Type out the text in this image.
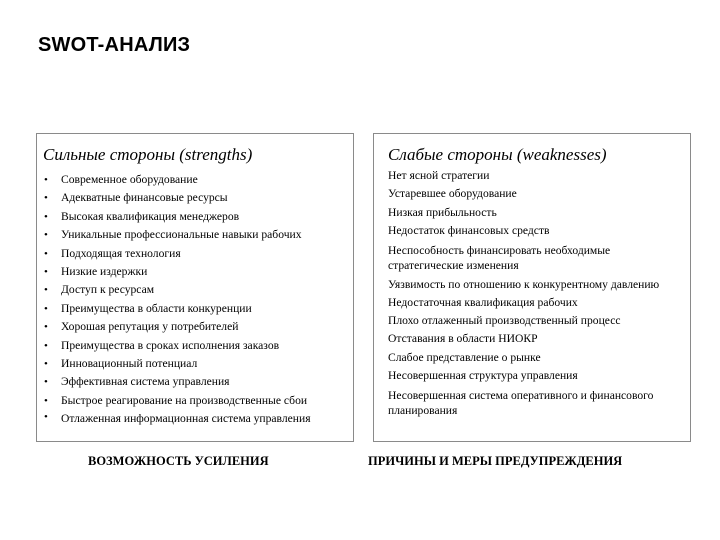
SWOT-АНАЛИЗ
Сильные стороны (strengths)
• Современное оборудование
• Адекватные финансовые ресурсы
• Высокая квалификация менеджеров
• Уникальные профессиональные навыки рабочих
• Подходящая технология
• Низкие издержки
• Доступ к ресурсам
• Преимущества в области конкуренции
• Хорошая репутация у потребителей
• Преимущества в сроках исполнения заказов
• Инновационный потенциал
• Эффективная система управления
• Быстрое реагирование на производственные сбои
• Отлаженная информационная система управления
Слабые стороны (weaknesses)
Нет ясной стратегии
Устаревшее оборудование
Низкая прибыльность
Недостаток финансовых средств
Неспособность финансировать необходимые стратегические изменения
Уязвимость по отношению к конкурентному давлению
Недостаточная квалификация рабочих
Плохо отлаженный производственный процесс
Отставания в области НИОКР
Слабое представление о рынке
Несовершенная структура управления
Несовершенная система оперативного и финансового планирования
ВОЗМОЖНОСТЬ УСИЛЕНИЯ	ПРИЧИНЫ И МЕРЫ ПРЕДУПРЕЖДЕНИЯ
